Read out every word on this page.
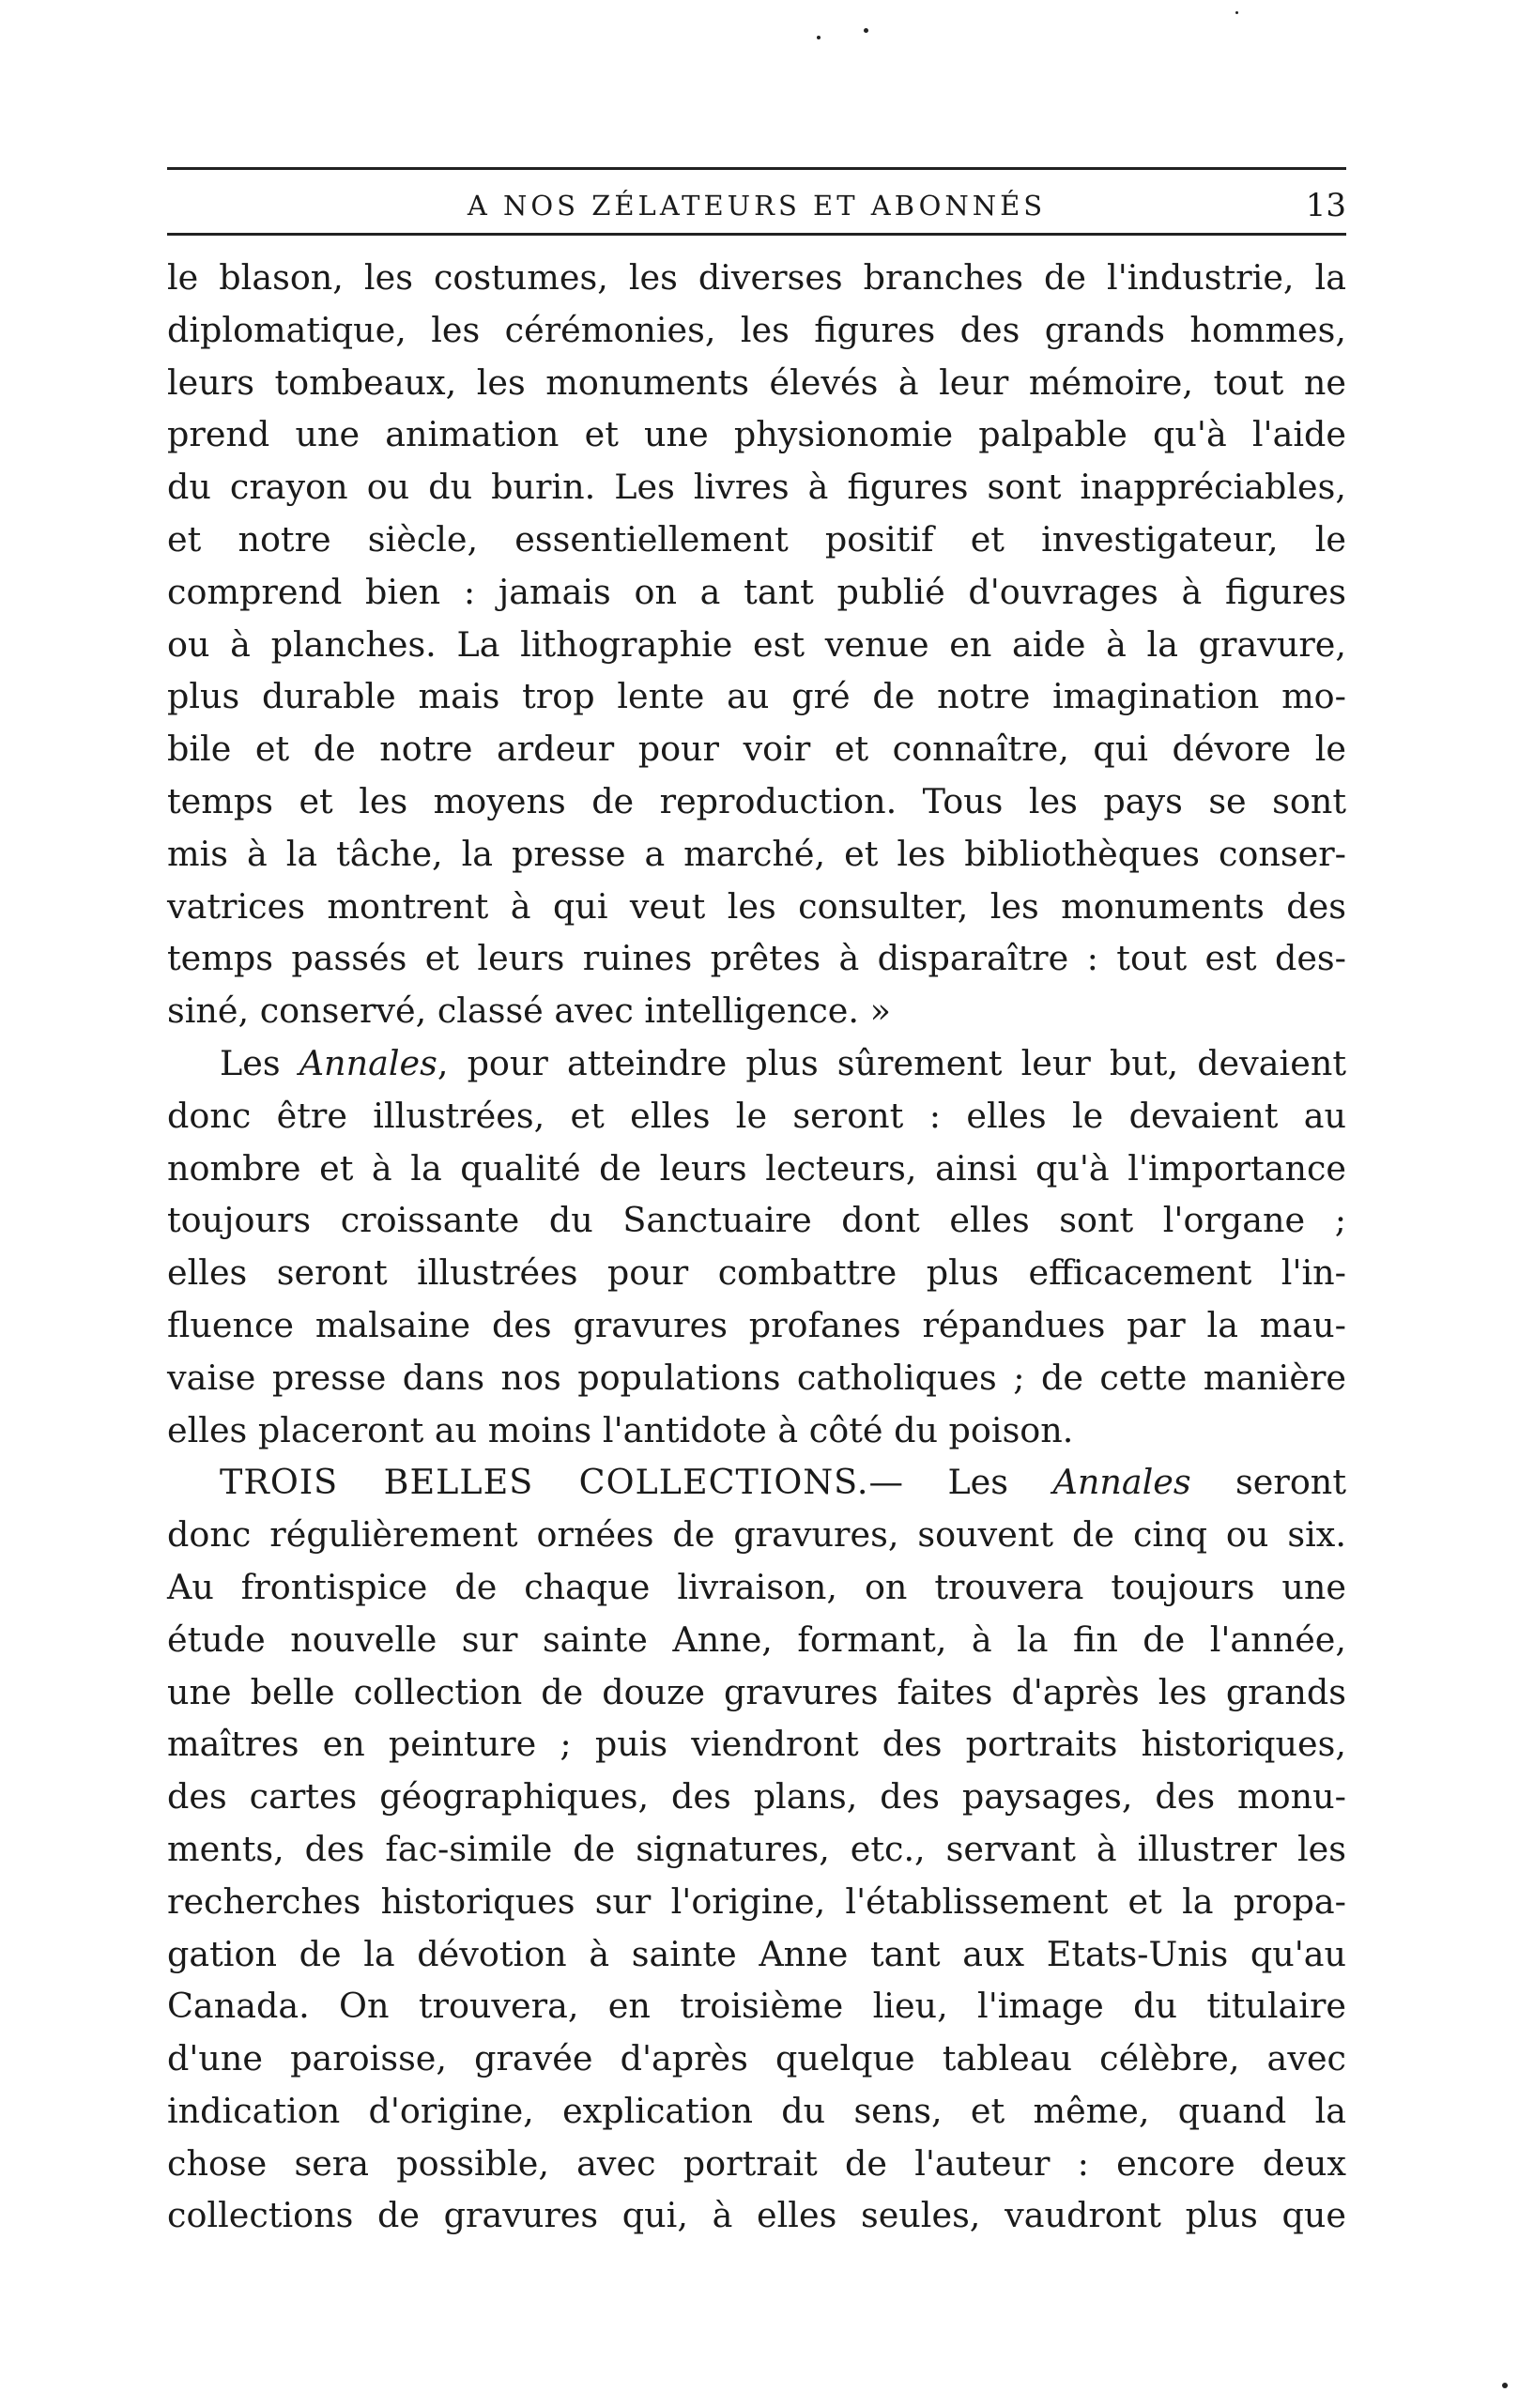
A NOS ZÉLATEURS ET ABONNÉS	13
le blason, les costumes, les diverses branches de l'industrie, la
diplomatique, les cérémonies, les figures des grands hommes,
leurs tombeaux, les monuments élevés à leur mémoire, tout ne
prend une animation et une physionomie palpable qu'à l'aide
du crayon ou du burin. Les livres à figures sont inappréciables,
et notre siècle, essentiellement positif et investigateur, le
comprend bien : jamais on a tant publié d'ouvrages à figures
ou à planches. La lithographie est venue en aide à la gravure,
plus durable mais trop lente au gré de notre imagination mo-
bile et de notre ardeur pour voir et connaître, qui dévore le
temps et les moyens de reproduction. Tous les pays se sont
mis à la tâche, la presse a marché, et les bibliothèques conser-
vatrices montrent à qui veut les consulter, les monuments des
temps passés et leurs ruines prêtes à disparaître : tout est des-
siné, conservé, classé avec intelligence. »
Les Annales, pour atteindre plus sûrement leur but, devaient
donc être illustrées, et elles le seront : elles le devaient au
nombre et à la qualité de leurs lecteurs, ainsi qu'à l'importance
toujours croissante du Sanctuaire dont elles sont l'organe ;
elles seront illustrées pour combattre plus efficacement l'in-
fluence malsaine des gravures profanes répandues par la mau-
vaise presse dans nos populations catholiques ; de cette manière
elles placeront au moins l'antidote à côté du poison.
TROIS BELLES COLLECTIONS.— Les Annales seront
donc régulièrement ornées de gravures, souvent de cinq ou six.
Au frontispice de chaque livraison, on trouvera toujours une
étude nouvelle sur sainte Anne, formant, à la fin de l'année,
une belle collection de douze gravures faites d'après les grands
maîtres en peinture ; puis viendront des portraits historiques,
des cartes géographiques, des plans, des paysages, des monu-
ments, des fac-simile de signatures, etc., servant à illustrer les
recherches historiques sur l'origine, l'établissement et la propa-
gation de la dévotion à sainte Anne tant aux Etats-Unis qu'au
Canada. On trouvera, en troisième lieu, l'image du titulaire
d'une paroisse, gravée d'après quelque tableau célèbre, avec
indication d'origine, explication du sens, et même, quand la
chose sera possible, avec portrait de l'auteur : encore deux
collections de gravures qui, à elles seules, vaudront plus que
